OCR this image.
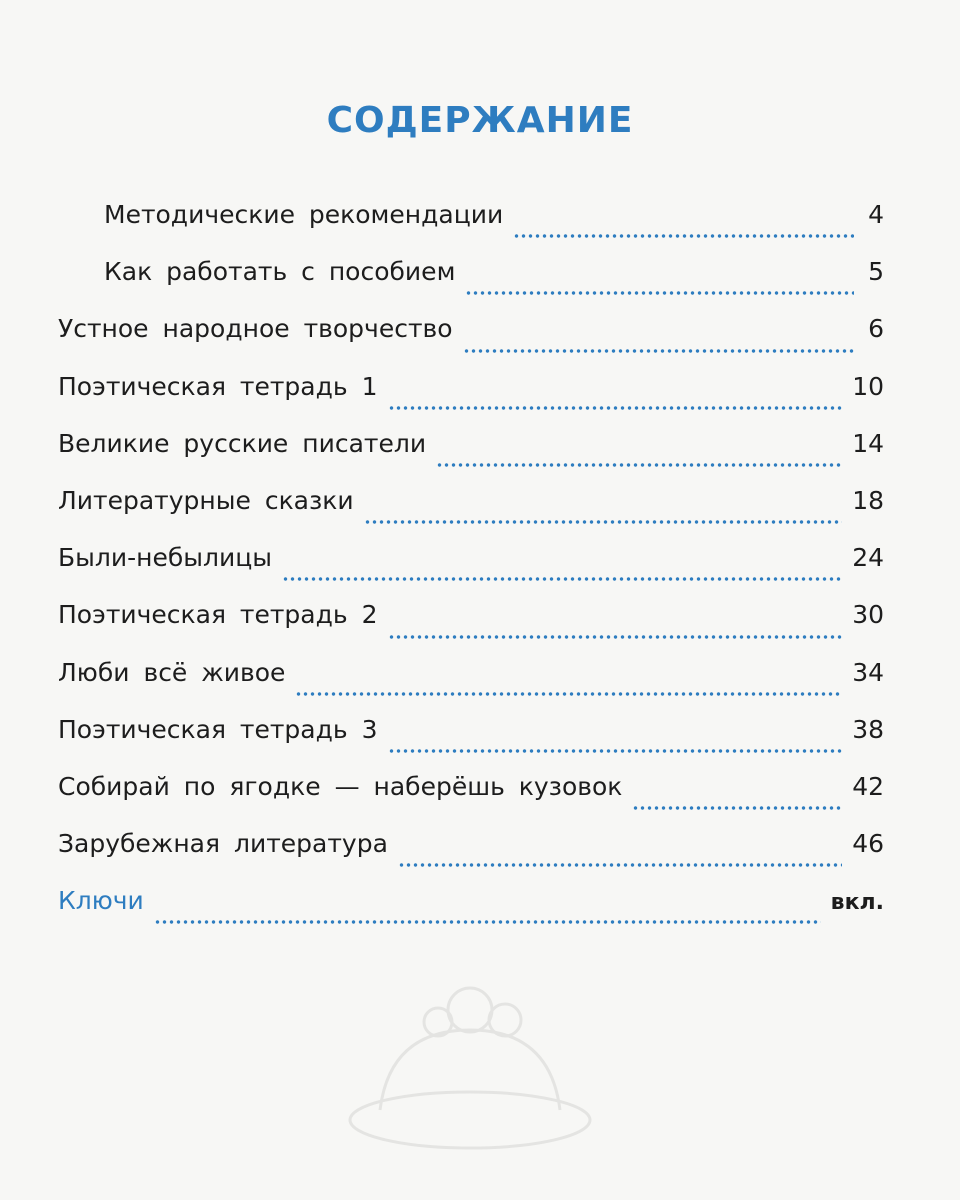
СОДЕРЖАНИЕ
Методические рекомендации	4
Как работать с пособием	5
Устное народное творчество	6
Поэтическая тетрадь 1	10
Великие русские писатели	14
Литературные сказки	18
Были-небылицы	24
Поэтическая тетрадь 2	30
Люби всё живое	34
Поэтическая тетрадь 3	38
Собирай по ягодке — наберёшь кузовок	42
Зарубежная литература	46
Ключи	вкл.
